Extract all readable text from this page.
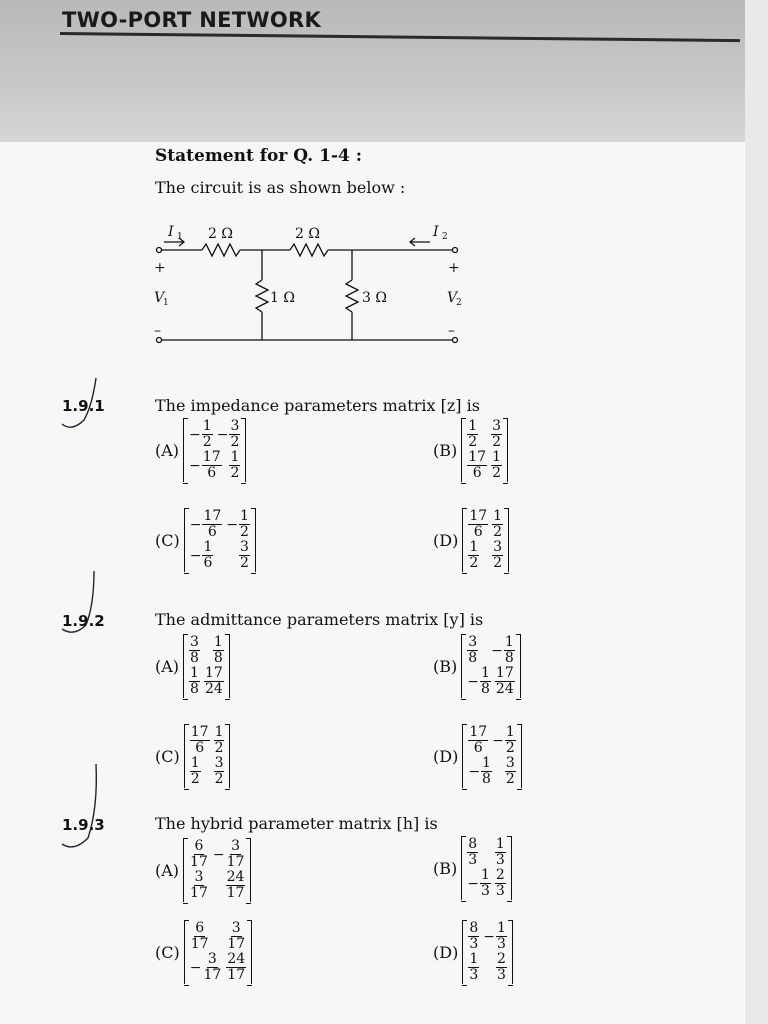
TWO-PORT NETWORK
Statement for Q. 1-4 :
The circuit is as shown below :
I 1 2 Ω	2 Ω	I 2
+	+
V
1	V
2
1 Ω	3 Ω
–	–
1.9.1	The impedance parameters matrix [z] is
(A)
− $\frac{1}{2} - \frac{3}{2}$
− $\frac{17}{6} \frac{1}{2}$	$(B) \frac{1}{2} \frac{3}{2}$
$\frac{17}{6} \frac{1}{2}$
(C)
− $\frac{17}{6} - \frac{1}{2}$
− $\frac{1}{6} \frac{3}{2}$	$(D) \frac{17}{6} \frac{1}{2}$
$\frac{1}{2} \frac{3}{2}$
1.9.2	The admittance parameters matrix [y] is
$(A) \frac{3}{8} \frac{1}{8}$
$\frac{1}{8} \frac{17}{24}$	$(B) \frac{3}{8} - \frac{1}{8}$
− $\frac{1}{8} \frac{17}{24}$
$(C) \frac{17}{6} \frac{1}{2}$
$\frac{1}{2} \frac{3}{2}$	$(D) \frac{17}{6} - \frac{1}{2}$
− $\frac{1}{8} \frac{3}{2}$
1.9.3	The hybrid parameter matrix [h] is
$(A) \frac{6}{17} - \frac{3}{17}$
$\frac{3}{17} \frac{24}{17}$
$(B) \frac{8}{3} \frac{1}{3}$
− $\frac{1}{3} \frac{2}{3}$
$(C) \frac{6}{17} \frac{3}{17}$
− $\frac{3}{17} \frac{24}{17}$	$(D) \frac{8}{3} - \frac{1}{3}$
$\frac{1}{3} \frac{2}{3}$
